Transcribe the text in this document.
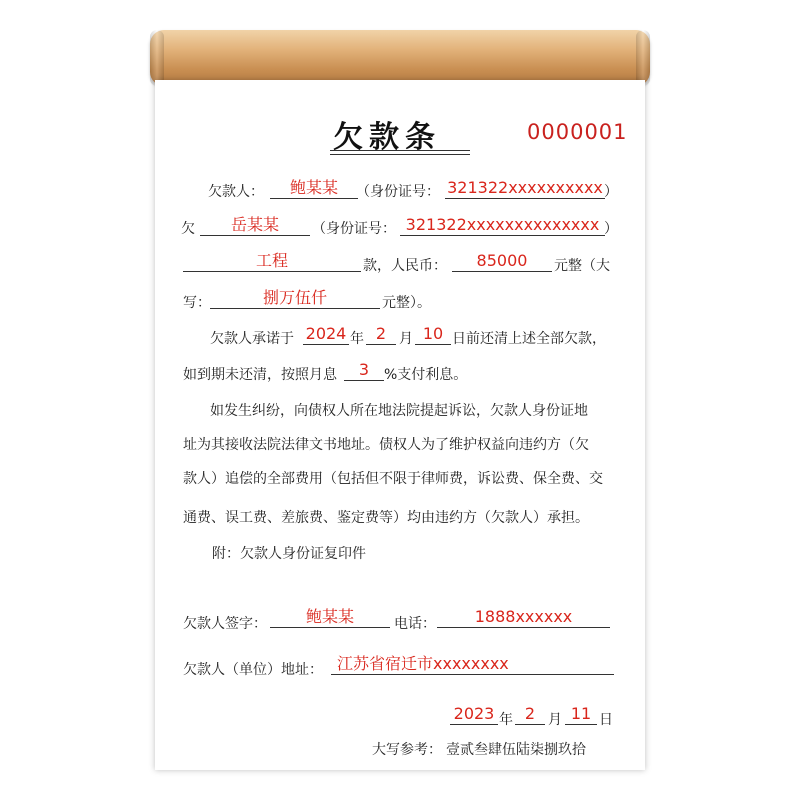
欠款条	0000001
欠款人：	鲍某某	（身份证号： 321322xxxxxxxxxx ）
欠	岳某某	（身份证号： 321322xxxxxxxxxxxxxx ）
工程	款，人民币：	85000	元整（大
写：	捌万伍仟	元整）。
欠款人承诺于 2024 年 2 月 10 日前还清上述全部欠款，
如到期未还清，按照月息	3	%支付利息。
如发生纠纷，向债权人所在地法院提起诉讼，欠款人身份证地
址为其接收法院法律文书地址。债权人为了维护权益向违约方（欠
款人）追偿的全部费用（包括但不限于律师费，诉讼费、保全费、交
通费、误工费、差旅费、鉴定费等）均由违约方（欠款人）承担。
附：欠款人身份证复印件
欠款人签字：	鲍某某	电话：	1888xxxxxx
欠款人（单位）地址： 江苏省宿迁市xxxxxxxx
2023 年 2 月 11 日
大写参考： 壹贰叁肆伍陆柒捌玖拾
